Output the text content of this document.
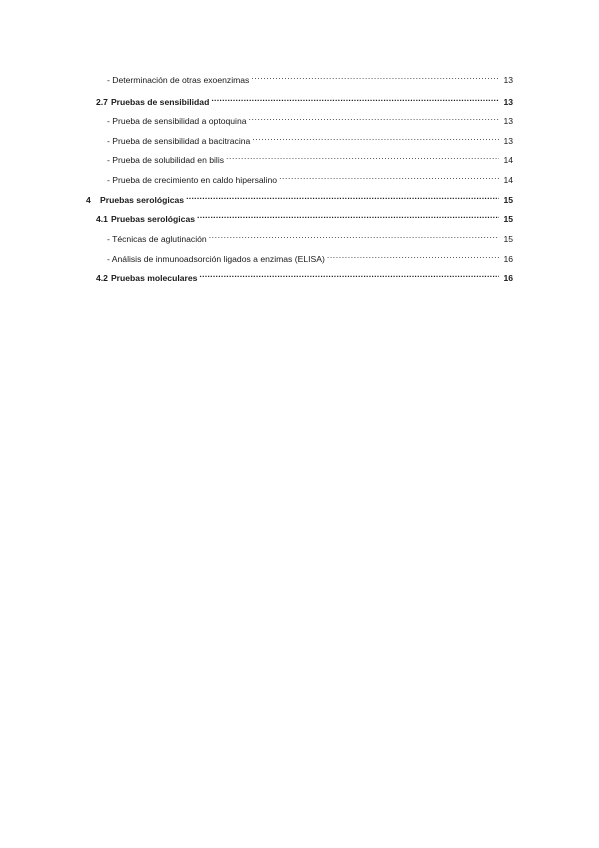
- Determinación de otras exoenzimas .....	13
2.7 Pruebas de sensibilidad .....	13
- Prueba de sensibilidad a optoquina .....	13
- Prueba de sensibilidad a bacitracina .....	13
- Prueba de solubilidad en bilis .....	14
- Prueba de crecimiento en caldo hipersalino .....	14
4	Pruebas serológicas .....	15
4.1 Pruebas serológicas .....	15
- Técnicas de aglutinación .....	15
- Análisis de inmunoadsorción ligados a enzimas (ELISA) .....	16
4.2 Pruebas moleculares .....	16
